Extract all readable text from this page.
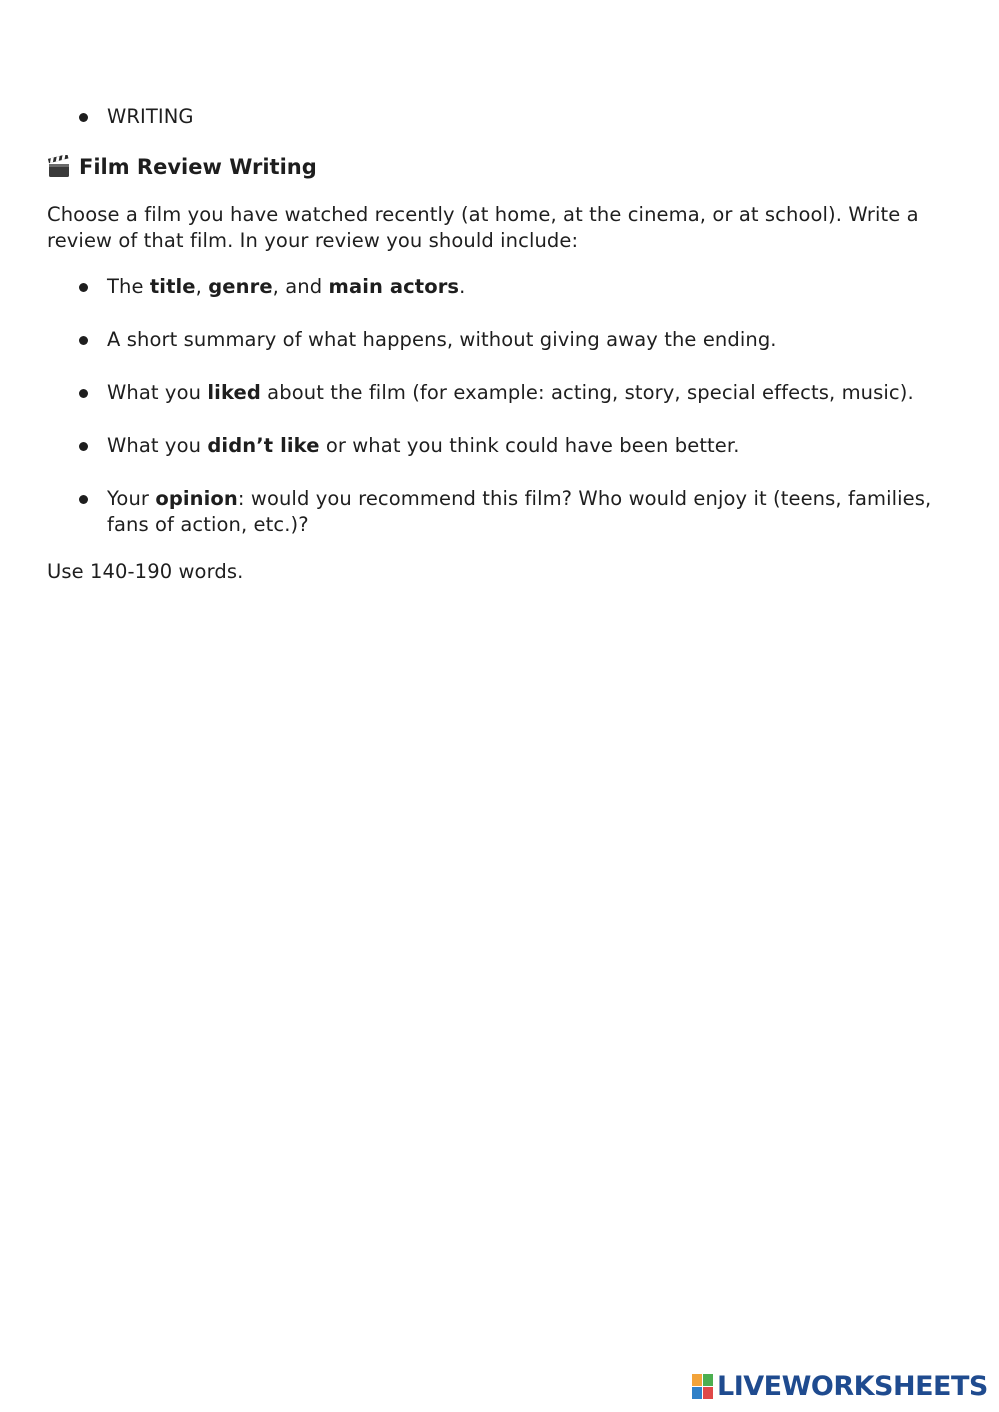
WRITING
Film Review Writing
Choose a film you have watched recently (at home, at the cinema, or at school). Write a review of that film. In your review you should include:
The title, genre, and main actors.
A short summary of what happens, without giving away the ending.
What you liked about the film (for example: acting, story, special effects, music).
What you didn’t like or what you think could have been better.
Your opinion: would you recommend this film? Who would enjoy it (teens, families, fans of action, etc.)?
Use 140-190 words.
LIVEWORKSHEETS
